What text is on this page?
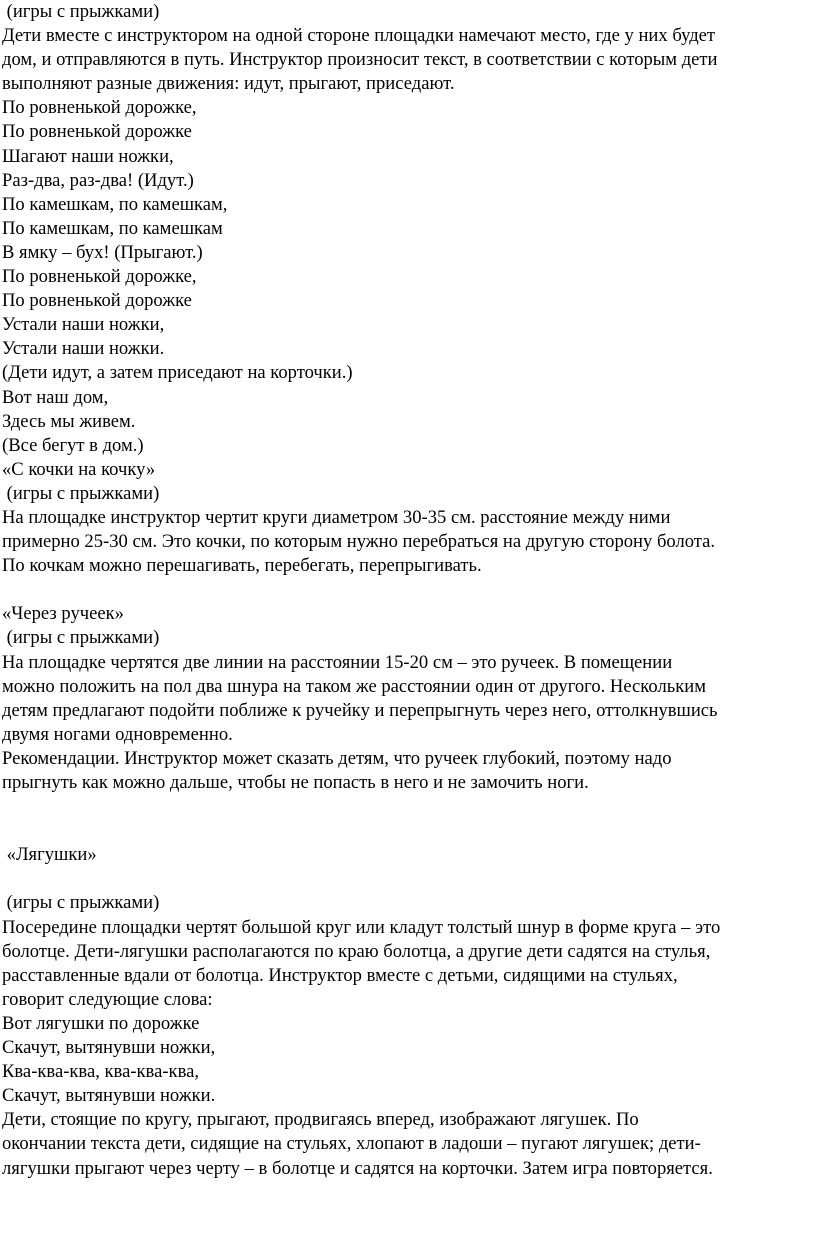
(игры с прыжками)
Дети вместе с инструктором на одной стороне площадки намечают место, где у них будет
дом, и отправляются в путь. Инструктор произносит текст, в соответствии с которым дети
выполняют разные движения: идут, прыгают, приседают.
По ровненькой дорожке,
По ровненькой дорожке
Шагают наши ножки,
Раз-два, раз-два! (Идут.)
По камешкам, по камешкам,
По камешкам, по камешкам
В ямку – бух! (Прыгают.)
По ровненькой дорожке,
По ровненькой дорожке
Устали наши ножки,
Устали наши ножки.
(Дети идут, а затем приседают на корточки.)
Вот наш дом,
Здесь мы живем.
(Все бегут в дом.)
«С кочки на кочку»
(игры с прыжками)
На площадке инструктор чертит круги диаметром 30-35 см. расстояние между ними
примерно 25-30 см. Это кочки, по которым нужно перебраться на другую сторону болота.
По кочкам можно перешагивать, перебегать, перепрыгивать.
«Через ручеек»
(игры с прыжками)
На площадке чертятся две линии на расстоянии 15-20 см – это ручеек. В помещении
можно положить на пол два шнура на таком же расстоянии один от другого. Нескольким
детям предлагают подойти поближе к ручейку и перепрыгнуть через него, оттолкнувшись
двумя ногами одновременно.
Рекомендации. Инструктор может сказать детям, что ручеек глубокий, поэтому надо
прыгнуть как можно дальше, чтобы не попасть в него и не замочить ноги.
«Лягушки»
(игры с прыжками)
Посередине площадки чертят большой круг или кладут толстый шнур в форме круга – это
болотце. Дети-лягушки располагаются по краю болотца, а другие дети садятся на стулья,
расставленные вдали от болотца. Инструктор вместе с детьми, сидящими на стульях,
говорит следующие слова:
Вот лягушки по дорожке
Скачут, вытянувши ножки,
Ква-ква-ква, ква-ква-ква,
Скачут, вытянувши ножки.
Дети, стоящие по кругу, прыгают, продвигаясь вперед, изображают лягушек. По
окончании текста дети, сидящие на стульях, хлопают в ладоши – пугают лягушек; дети-
лягушки прыгают через черту – в болотце и садятся на корточки. Затем игра повторяется.
